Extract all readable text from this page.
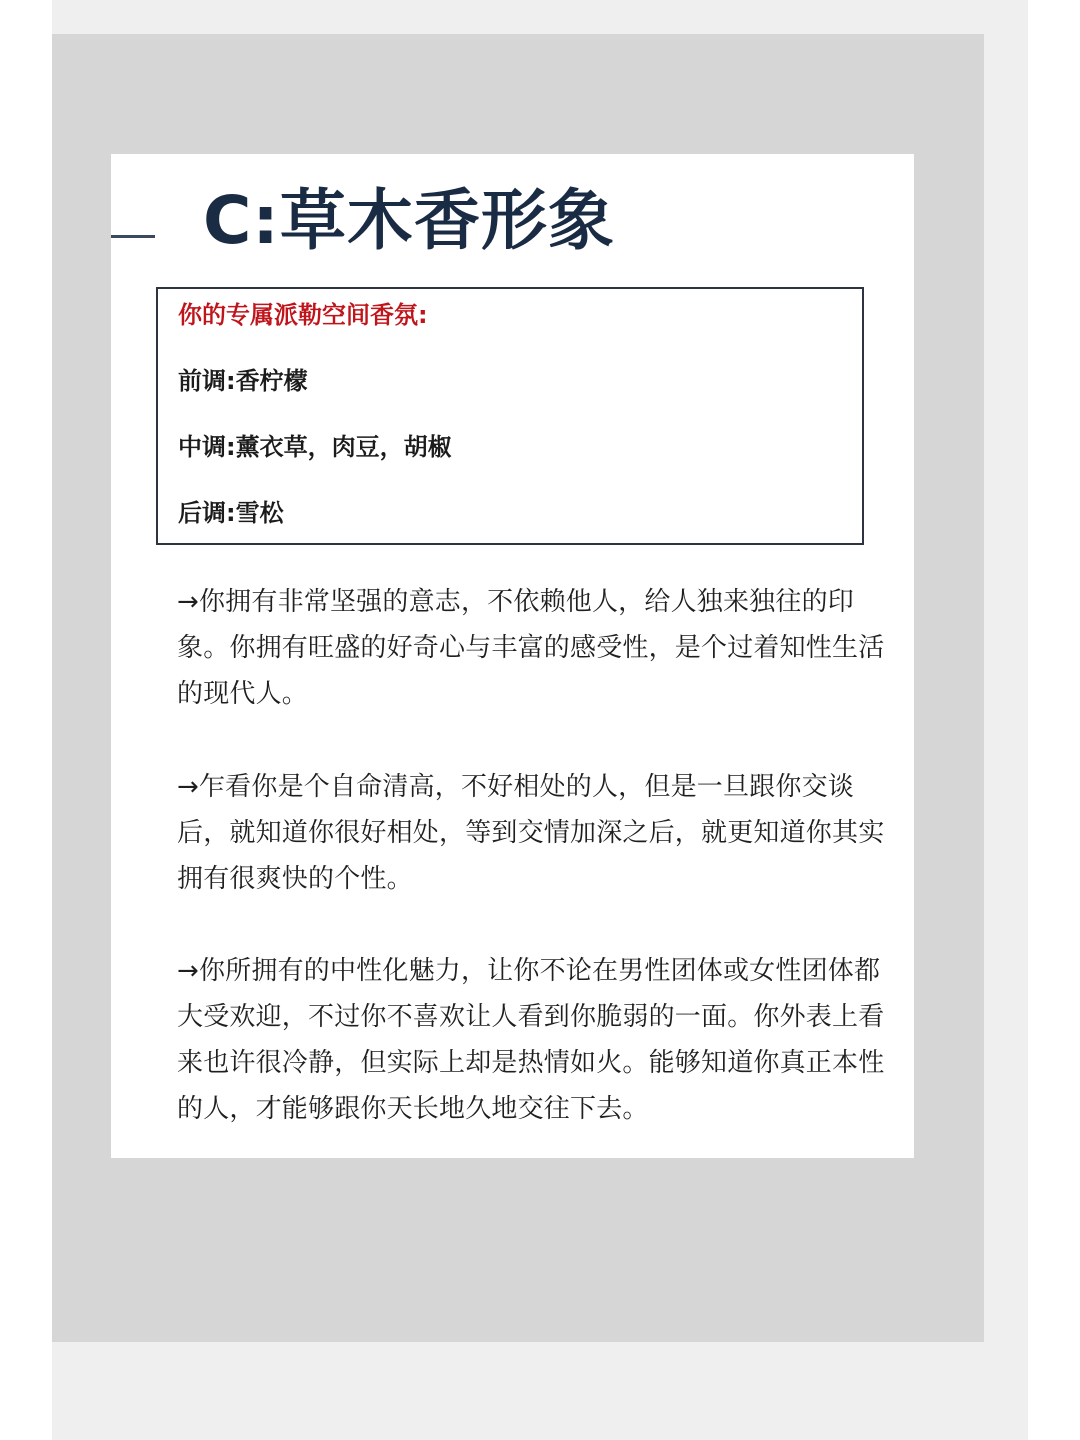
C:草木香形象
你的专属派勒空间香氛:
前调:香柠檬
中调:薰衣草，肉豆，胡椒
后调:雪松

→你拥有非常坚强的意志，不依赖他人，给人独来独往的印象。你拥有旺盛的好奇心与丰富的感受性，是个过着知性生活的现代人。

→乍看你是个自命清高，不好相处的人，但是一旦跟你交谈后，就知道你很好相处，等到交情加深之后，就更知道你其实拥有很爽快的个性。

→你所拥有的中性化魅力，让你不论在男性团体或女性团体都大受欢迎，不过你不喜欢让人看到你脆弱的一面。你外表上看来也许很冷静，但实际上却是热情如火。能够知道你真正本性的人，才能够跟你天长地久地交往下去。
